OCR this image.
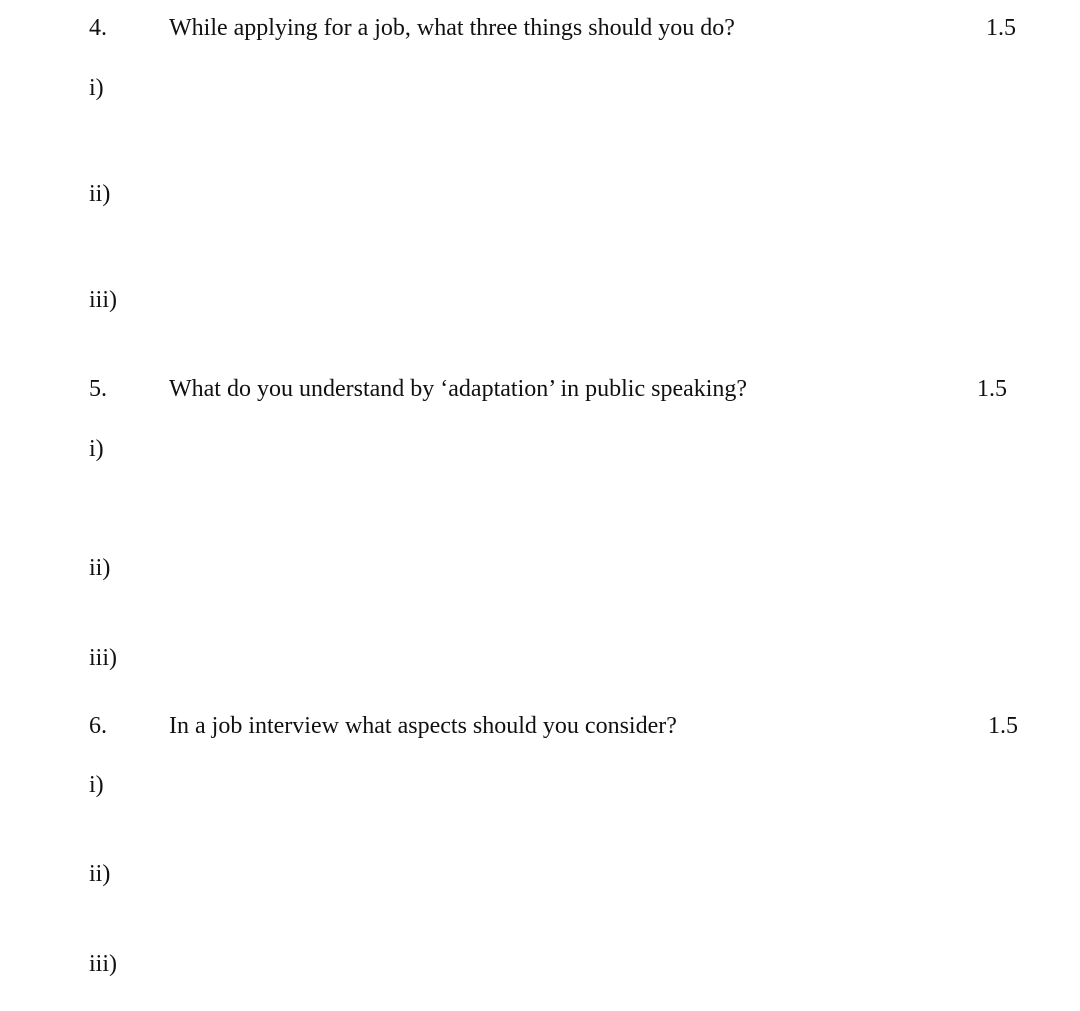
4.	While applying for a job, what three things should you do?	1.5
i)
ii)
iii)
5.	What do you understand by ‘adaptation’ in public speaking?	1.5
i)
ii)
iii)
6.	In a job interview what aspects should you consider?	1.5
i)
ii)
iii)
